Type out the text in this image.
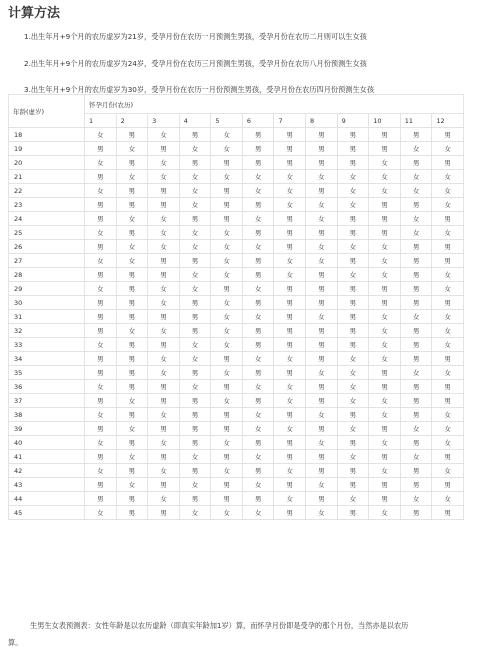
计算方法
1.出生年月+9个月的农历虚岁为21岁，受孕月份在农历一月预测生男孩，受孕月份在农历二月则可以生女孩
2.出生年月+9个月的农历虚岁为24岁，受孕月份在农历三月预测生男孩，受孕月份在农历八月份预测生女孩
3.出生年月+9个月的农历虚岁为30岁，受孕月份在农历一月份预测生男孩，受孕月份在农历四月份预测生女孩
年龄(虚岁)	怀孕月份(农历)											
	1	2	3	4	5	6	7	8	9	10	11	12
18	女	男	女	男	女	男	男	男	男	男	男	男
19	男	女	男	女	女	男	男	男	男	男	女	女
20	女	男	女	男	男	男	男	男	男	女	男	男
21	男	女	女	女	女	女	女	女	女	女	女	女
22	女	男	男	女	男	女	女	男	女	女	女	女
23	男	男	男	女	男	男	女	女	女	男	男	女
24	男	女	女	男	男	女	男	女	男	男	女	男
25	女	男	女	女	女	男	男	男	男	男	女	女
26	男	女	女	女	女	女	男	女	女	女	男	男
27	女	女	男	男	女	男	女	女	男	女	男	男
28	男	男	男	女	女	男	女	男	女	女	男	女
29	女	男	女	女	男	女	男	男	男	男	男	女
30	男	男	女	男	女	男	男	男	男	男	男	男
31	男	男	男	男	女	女	男	女	男	女	女	女
32	男	女	女	男	女	男	男	男	男	女	男	女
33	女	男	男	女	女	男	男	男	男	女	男	女
34	男	男	女	女	男	女	女	男	女	女	男	男
35	男	男	女	男	女	男	男	女	女	男	女	女
36	女	男	男	女	男	女	女	男	女	男	男	男
37	男	女	男	男	女	男	女	男	女	女	男	男
38	女	男	女	男	男	女	男	女	男	女	男	女
39	男	女	男	男	男	女	女	男	女	男	女	女
40	女	男	女	男	女	男	男	女	男	女	男	女
41	男	女	男	女	男	女	男	男	女	男	女	男
42	女	男	女	男	女	男	女	男	男	女	男	女
43	男	女	男	女	男	女	男	女	男	男	男	男
44	男	男	女	男	男	男	女	男	女	男	女	女
45	女	男	男	女	女	女	男	女	男	女	男	男
生男生女表预测表：女性年龄是以农历虚龄（即真实年龄加1岁）算，而怀孕月份即是受孕的那个月份，当然亦是以农历
算。
